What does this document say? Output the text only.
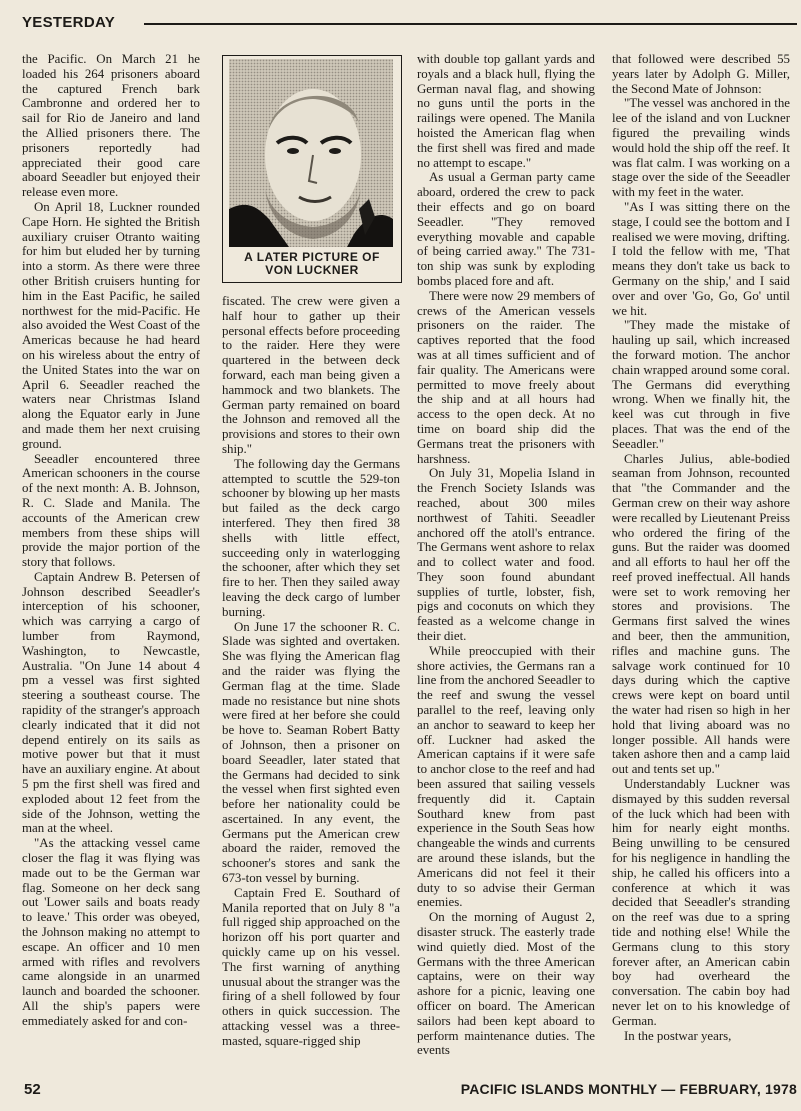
YESTERDAY

the Pacific. On March 21 he loaded his 264 prisoners aboard the captured French bark Cambronne and ordered her to sail for Rio de Janeiro and land the Allied prisoners there. The prisoners reportedly had appreciated their good care aboard Seeadler but enjoyed their release even more.

On April 18, Luckner rounded Cape Horn. He sighted the British auxiliary cruiser Otranto waiting for him but eluded her by turning into a storm. As there were three other British cruisers hunting for him in the East Pacific, he sailed northwest for the mid-Pacific. He also avoided the West Coast of the Americas because he had heard on his wireless about the entry of the United States into the war on April 6. Seeadler reached the waters near Christmas Island along the Equator early in June and made them her next cruising ground.

Seeadler encountered three American schooners in the course of the next month: A. B. Johnson, R. C. Slade and Manila. The accounts of the American crew members from these ships will provide the major portion of the story that follows.

Captain Andrew B. Petersen of Johnson described Seeadler's interception of his schooner, which was carrying a cargo of lumber from Raymond, Washington, to Newcastle, Australia. "On June 14 about 4 pm a vessel was first sighted steering a southeast course. The rapidity of the stranger's approach clearly indicated that it did not depend entirely on its sails as motive power but that it must have an auxiliary engine. At about 5 pm the first shell was fired and exploded about 12 feet from the side of the Johnson, wetting the man at the wheel.

"As the attacking vessel came closer the flag it was flying was made out to be the German war flag. Someone on her deck sang out 'Lower sails and boats ready to leave.' This order was obeyed, the Johnson making no attempt to escape. An officer and 10 men armed with rifles and revolvers came alongside in an unarmed launch and boarded the schooner. All the ship's papers were emmediately asked for and con-

A LATER PICTURE OF
VON LUCKNER

fiscated. The crew were given a half hour to gather up their personal effects before proceeding to the raider. Here they were quartered in the between deck forward, each man being given a hammock and two blankets. The German party remained on board the Johnson and removed all the provisions and stores to their own ship."

The following day the Germans attempted to scuttle the 529-ton schooner by blowing up her masts but failed as the deck cargo interfered. They then fired 38 shells with little effect, succeeding only in waterlogging the schooner, after which they set fire to her. Then they sailed away leaving the deck cargo of lumber burning.

On June 17 the schooner R. C. Slade was sighted and overtaken. She was flying the American flag and the raider was flying the German flag at the time. Slade made no resistance but nine shots were fired at her before she could be hove to. Seaman Robert Batty of Johnson, then a prisoner on board Seeadler, later stated that the Germans had decided to sink the vessel when first sighted even before her nationality could be ascertained. In any event, the Germans put the American crew aboard the raider, removed the schooner's stores and sank the 673-ton vessel by burning.

Captain Fred E. Southard of Manila reported that on July 8 "a full rigged ship approached on the horizon off his port quarter and quickly came up on his vessel. The first warning of anything unusual about the stranger was the firing of a shell followed by four others in quick succession. The attacking vessel was a three-masted, square-rigged ship

with double top gallant yards and royals and a black hull, flying the German naval flag, and showing no guns until the ports in the railings were opened. The Manila hoisted the American flag when the first shell was fired and made no attempt to escape."

As usual a German party came aboard, ordered the crew to pack their effects and go on board Seeadler. "They removed everything movable and capable of being carried away." The 731-ton ship was sunk by exploding bombs placed fore and aft.

There were now 29 members of crews of the American vessels prisoners on the raider. The captives reported that the food was at all times sufficient and of fair quality. The Americans were permitted to move freely about the ship and at all hours had access to the open deck. At no time on board ship did the Germans treat the prisoners with harshness.

On July 31, Mopelia Island in the French Society Islands was reached, about 300 miles northwest of Tahiti. Seeadler anchored off the atoll's entrance. The Germans went ashore to relax and to collect water and food. They soon found abundant supplies of turtle, lobster, fish, pigs and coconuts on which they feasted as a welcome change in their diet.

While preoccupied with their shore activies, the Germans ran a line from the anchored Seeadler to the reef and swung the vessel parallel to the reef, leaving only an anchor to seaward to keep her off. Luckner had asked the American captains if it were safe to anchor close to the reef and had been assured that sailing vessels frequently did it. Captain Southard knew from past experience in the South Seas how changeable the winds and currents are around these islands, but the Americans did not feel it their duty to so advise their German enemies.

On the morning of August 2, disaster struck. The easterly trade wind quietly died. Most of the Germans with the three American captains, were on their way ashore for a picnic, leaving one officer on board. The American sailors had been kept aboard to perform maintenance duties. The events

that followed were described 55 years later by Adolph G. Miller, the Second Mate of Johnson:

"The vessel was anchored in the lee of the island and von Luckner figured the prevailing winds would hold the ship off the reef. It was flat calm. I was working on a stage over the side of the Seeadler with my feet in the water.

"As I was sitting there on the stage, I could see the bottom and I realised we were moving, drifting. I told the fellow with me, 'That means they don't take us back to Germany on the ship,' and I said over and over 'Go, Go, Go' until we hit.

"They made the mistake of hauling up sail, which increased the forward motion. The anchor chain wrapped around some coral. The Germans did everything wrong. When we finally hit, the keel was cut through in five places. That was the end of the Seeadler."

Charles Julius, able-bodied seaman from Johnson, recounted that "the Commander and the German crew on their way ashore were recalled by Lieutenant Preiss who ordered the firing of the guns. But the raider was doomed and all efforts to haul her off the reef proved ineffectual. All hands were set to work removing her stores and provisions. The Germans first salved the wines and beer, then the ammunition, rifles and machine guns. The salvage work continued for 10 days during which the captive crews were kept on board until the water had risen so high in her hold that living aboard was no longer possible. All hands were taken ashore then and a camp laid out and tents set up."

Understandably Luckner was dismayed by this sudden reversal of the luck which had been with him for nearly eight months. Being unwilling to be censured for his negligence in handling the ship, he called his officers into a conference at which it was decided that Seeadler's stranding on the reef was due to a spring tide and nothing else! While the Germans clung to this story forever after, an American cabin boy had overheard the conversation. The cabin boy had never let on to his knowledge of German.

In the postwar years,

52	PACIFIC ISLANDS MONTHLY — FEBRUARY, 1978
